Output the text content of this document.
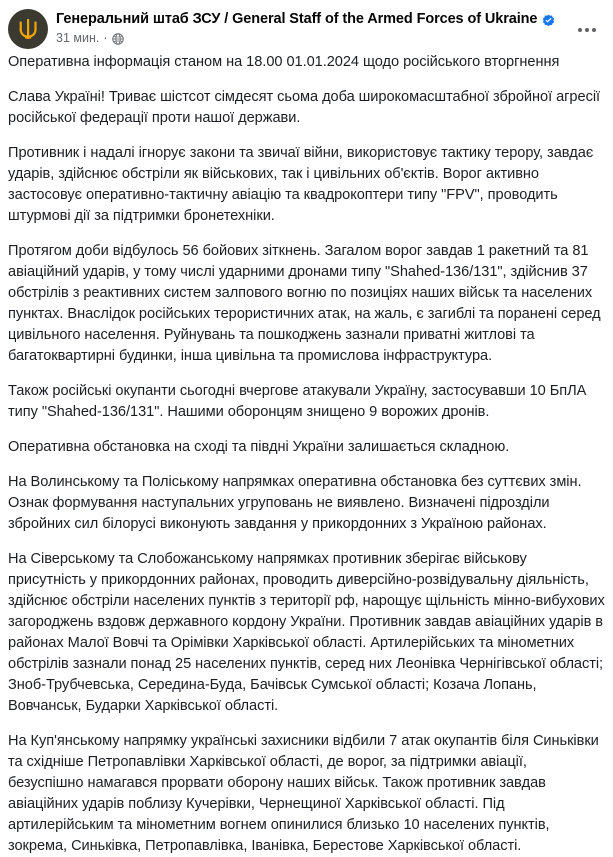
Генеральний штаб ЗСУ / General Staff of the Armed Forces of Ukraine
31 мин. ·

Оперативна інформація станом на 18.00 01.01.2024 щодо російського вторгнення

Слава Україні! Триває шістсот сімдесят сьома доба широкомасштабної збройної агресії російської федерації проти нашої держави.

Противник і надалі ігнорує закони та звичаї війни, використовує тактику терору, завдає ударів, здійснює обстріли як військових, так і цивільних об'єктів. Ворог активно застосовує оперативно-тактичну авіацію та квадрокоптери типу "FPV", проводить штурмові дії за підтримки бронетехніки.

Протягом доби відбулось 56 бойових зіткнень. Загалом ворог завдав 1 ракетний та 81 авіаційний ударів, у тому числі ударними дронами типу "Shahed-136/131", здійснив 37 обстрілів з реактивних систем залпового вогню по позиціях наших військ та населених пунктах. Внаслідок російських терористичних атак, на жаль, є загиблі та поранені серед цивільного населення. Руйнувань та пошкоджень зазнали приватні житлові та багатоквартирні будинки, інша цивільна та промислова інфраструктура.

Також російські окупанти сьогодні вчергове атакували Україну, застосувавши 10 БпЛА типу "Shahed-136/131". Нашими оборонцям знищено 9 ворожих дронів.

Оперативна обстановка на сході та півдні України залишається складною.

На Волинському та Поліському напрямках оперативна обстановка без суттєвих змін. Ознак формування наступальних угруповань не виявлено. Визначені підрозділи збройних сил білорусі виконують завдання у прикордонних з Україною районах.

На Сіверському та Слобожанському напрямках противник зберігає військову присутність у прикордонних районах, проводить диверсійно-розвідувальну діяльність, здійснює обстріли населених пунктів з території рф, нарощує щільність мінно-вибухових загороджень вздовж державного кордону України. Противник завдав авіаційних ударів в районах Малої Вовчі та Орімівки Харківської області. Артилерійських та мінометних обстрілів зазнали понад 25 населених пунктів, серед них Леонівка Чернігівської області; Зноб-Трубчевська, Середина-Буда, Бачівськ Сумської області; Козача Лопань, Вовчанськ, Бударки Харківської області.

На Куп'янському напрямку українські захисники відбили 7 атак окупантів біля Синьківки та східніше Петропавлівки Харківської області, де ворог, за підтримки авіації, безуспішно намагався прорвати оборону наших військ. Також противник завдав авіаційних ударів поблизу Кучерівки, Чернещиної Харківської області. Під артилерійським та мінометним вогнем опинилися близько 10 населених пунктів, зокрема, Синьківка, Петропавлівка, Іванівка, Берестове Харківської області.
